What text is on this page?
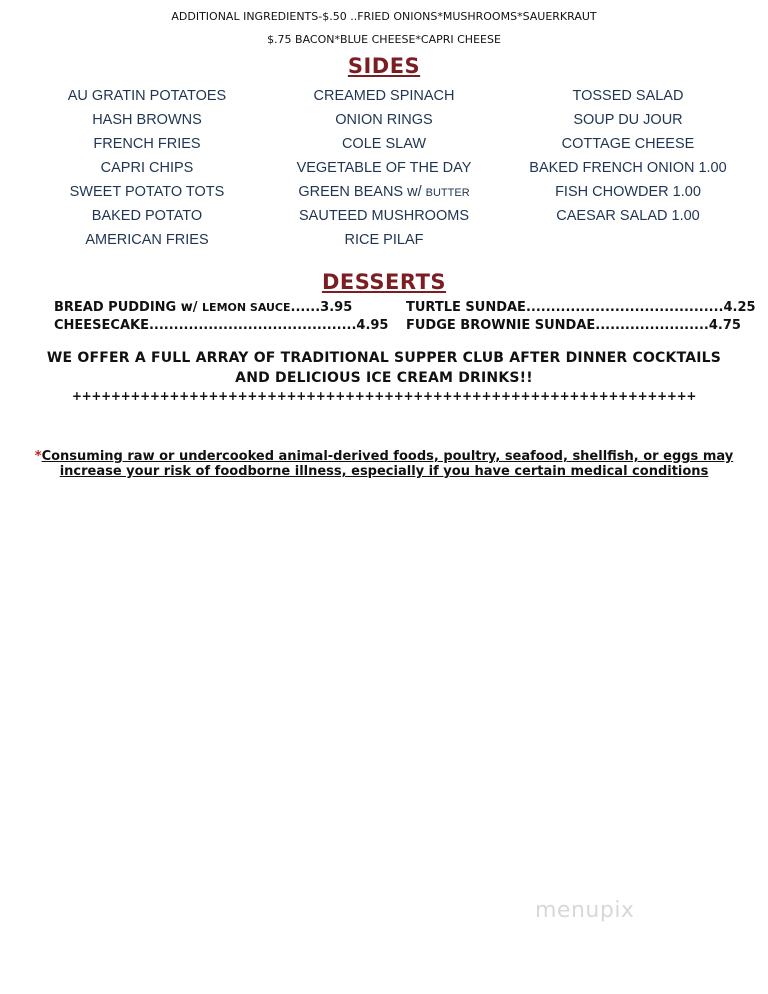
ADDITIONAL INGREDIENTS-$.50 ..FRIED ONIONS*MUSHROOMS*SAUERKRAUT
$.75 BACON*BLUE CHEESE*CAPRI CHEESE
SIDES
AU GRATIN POTATOES
HASH BROWNS
FRENCH FRIES
CAPRI CHIPS
SWEET POTATO TOTS
BAKED POTATO
AMERICAN FRIES
CREAMED SPINACH
ONION RINGS
COLE SLAW
VEGETABLE OF THE DAY
GREEN BEANS w/ BUTTER
SAUTEED MUSHROOMS
RICE PILAF
TOSSED SALAD
SOUP DU JOUR
COTTAGE CHEESE
BAKED FRENCH ONION 1.00
FISH CHOWDER 1.00
CAESAR SALAD 1.00
DESSERTS
BREAD PUDDING w/ LEMON SAUCE......3.95
CHEESECAKE..........................................4.95
TURTLE SUNDAE........................................4.25
FUDGE BROWNIE SUNDAE.......................4.75
WE OFFER A FULL ARRAY OF TRADITIONAL SUPPER CLUB AFTER DINNER COCKTAILS
AND DELICIOUS ICE CREAM DRINKS!!
++++++++++++++++++++++++++++++++++++++++++++++++++++++++++++++++
*Consuming raw or undercooked animal-derived foods, poultry, seafood, shellfish, or eggs may
increase your risk of foodborne illness, especially if you have certain medical conditions
menupix
